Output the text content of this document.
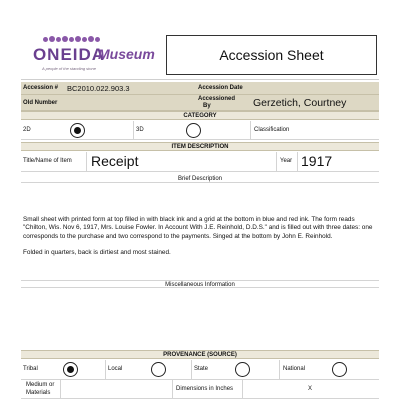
ONEIDA
A people of the standing stone
Museum	Accession Sheet
Accession # BC2010.022.903.3	Accession Date
Old Number
Accessioned
By	Gerzetich, Courtney
CATEGORY
2D	3D	Classification
ITEM DESCRIPTION
Title/Name of Item Receipt	Year 1917
Brief Description

Small sheet with printed form at top filled in with black ink and a grid at the bottom in blue and red ink. The form reads "Chilton, Wis. Nov 6, 1917, Mrs. Louise Fowler. In Account With J.E. Reinhold, D.D.S." and is filled out with three dates: one corresponds to the purchase and two correspond to the payments. Singed at the bottom by John E. Reinhold.

Folded in quarters, back is dirtiest and most stained.

Miscellaneous Information
PROVENANCE (SOURCE)
Tribal	Local	State	National
Medium or
Materials
Dimensions in Inches	X
